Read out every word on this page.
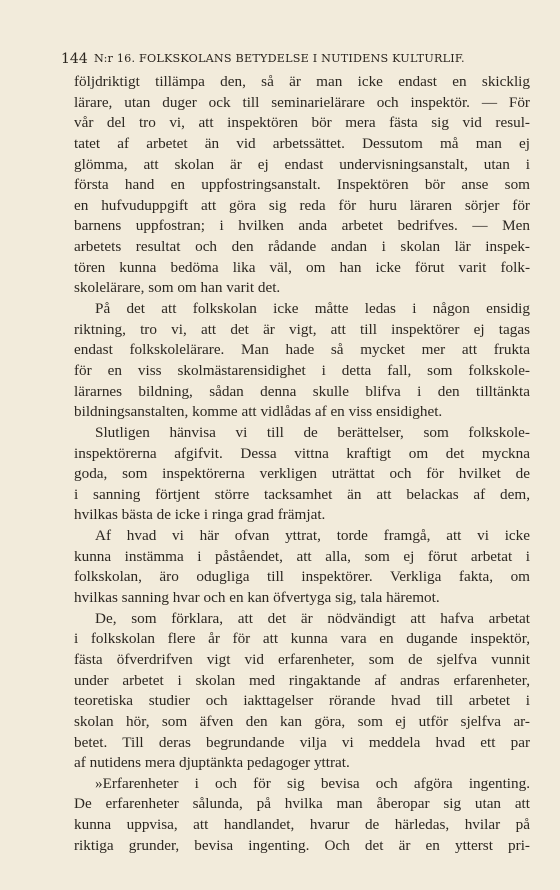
144 N:r 16. FOLKSKOLANS BETYDELSE I NUTIDENS KULTURLIF.
följdriktigt tillämpa den, så är man icke endast en skicklig
lärare, utan duger ock till seminarielärare och inspektör. — För
vår del tro vi, att inspektören bör mera fästa sig vid resul-
tatet af arbetet än vid arbetssättet. Dessutom må man ej
glömma, att skolan är ej endast undervisningsanstalt, utan i
första hand en uppfostringsanstalt. Inspektören bör anse som
en hufvuduppgift att göra sig reda för huru läraren sörjer för
barnens uppfostran; i hvilken anda arbetet bedrifves. — Men
arbetets resultat och den rådande andan i skolan lär inspek-
tören kunna bedöma lika väl, om han icke förut varit folk-
skolelärare, som om han varit det.
På det att folkskolan icke måtte ledas i någon ensidig
riktning, tro vi, att det är vigt, att till inspektörer ej tagas
endast folkskolelärare. Man hade så mycket mer att frukta
för en viss skolmästarensidighet i detta fall, som folkskole-
lärarnes bildning, sådan denna skulle blifva i den tilltänkta
bildningsanstalten, komme att vidlådas af en viss ensidighet.
Slutligen hänvisa vi till de berättelser, som folkskole-
inspektörerna afgifvit. Dessa vittna kraftigt om det myckna
goda, som inspektörerna verkligen uträttat och för hvilket de
i sanning förtjent större tacksamhet än att belackas af dem,
hvilkas bästa de icke i ringa grad främjat.
Af hvad vi här ofvan yttrat, torde framgå, att vi icke
kunna instämma i påståendet, att alla, som ej förut arbetat i
folkskolan, äro odugliga till inspektörer. Verkliga fakta, om
hvilkas sanning hvar och en kan öfvertyga sig, tala häremot.
De, som förklara, att det är nödvändigt att hafva arbetat
i folkskolan flere år för att kunna vara en dugande inspektör,
fästa öfverdrifven vigt vid erfarenheter, som de sjelfva vunnit
under arbetet i skolan med ringaktande af andras erfarenheter,
teoretiska studier och iakttagelser rörande hvad till arbetet i
skolan hör, som äfven den kan göra, som ej utför sjelfva ar-
betet. Till deras begrundande vilja vi meddela hvad ett par
af nutidens mera djuptänkta pedagoger yttrat.
»Erfarenheter i och för sig bevisa och afgöra ingenting.
De erfarenheter sålunda, på hvilka man åberopar sig utan att
kunna uppvisa, att handlandet, hvarur de härledas, hvilar på
riktiga grunder, bevisa ingenting. Och det är en ytterst pri-
